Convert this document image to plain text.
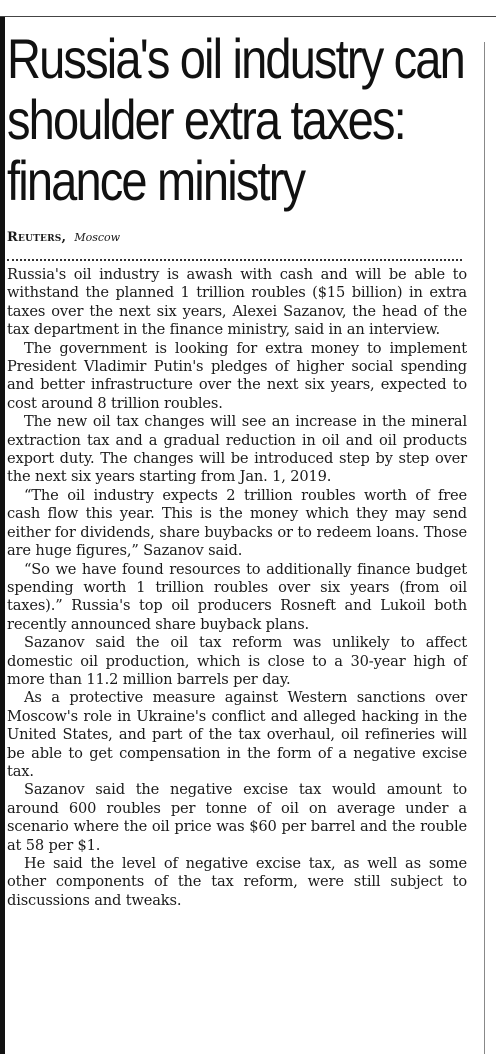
Russia's oil industry can shoulder extra taxes: finance ministry
Reuters, Moscow

Russia's oil industry is awash with cash and will be able to withstand the planned 1 trillion roubles ($15 billion) in extra taxes over the next six years, Alexei Sazanov, the head of the tax department in the finance ministry, said in an interview.

The government is looking for extra money to implement President Vladimir Putin's pledges of higher social spending and better infrastructure over the next six years, expected to cost around 8 trillion roubles.

The new oil tax changes will see an increase in the mineral extraction tax and a gradual reduction in oil and oil products export duty. The changes will be introduced step by step over the next six years starting from Jan. 1, 2019.

“The oil industry expects 2 trillion roubles worth of free cash flow this year. This is the money which they may send either for dividends, share buybacks or to redeem loans. Those are huge figures,” Sazanov said.

“So we have found resources to additionally finance budget spending worth 1 trillion roubles over six years (from oil taxes).” Russia's top oil producers Rosneft and Lukoil both recently announced share buyback plans.

Sazanov said the oil tax reform was unlikely to affect domestic oil production, which is close to a 30-year high of more than 11.2 million barrels per day.

As a protective measure against Western sanctions over Moscow's role in Ukraine's conflict and alleged hacking in the United States, and part of the tax overhaul, oil refineries will be able to get compensation in the form of a negative excise tax.

Sazanov said the negative excise tax would amount to around 600 roubles per tonne of oil on average under a scenario where the oil price was $60 per barrel and the rouble at 58 per $1.

He said the level of negative excise tax, as well as some other components of the tax reform, were still subject to discussions and tweaks.
